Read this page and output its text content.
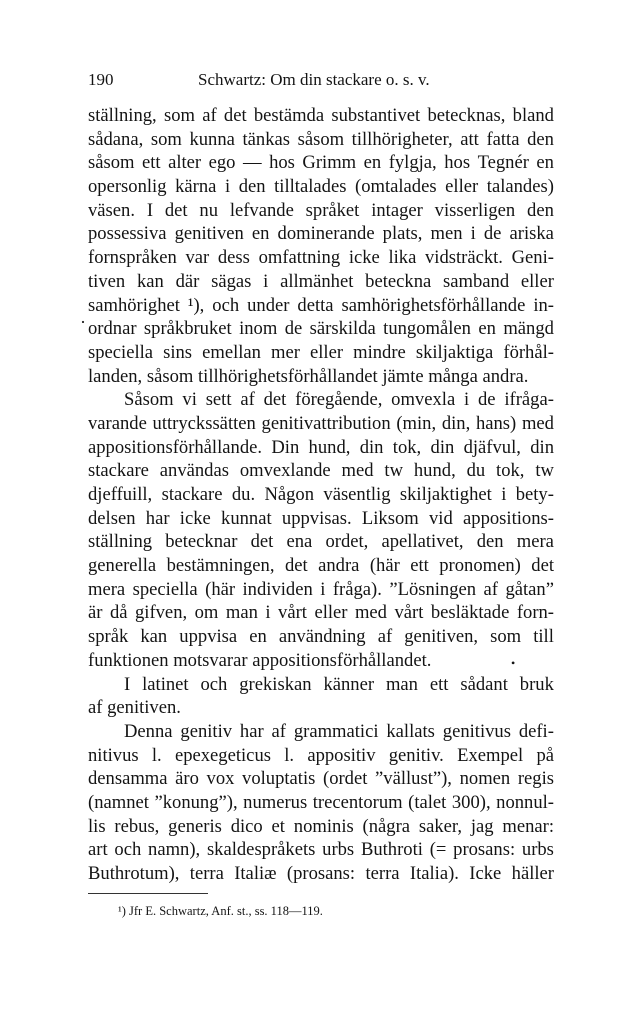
190	Schwartz: Om din stackare o. s. v.
ställning, som af det bestämda substantivet betecknas, bland
sådana, som kunna tänkas såsom tillhörigheter, att fatta den
såsom ett alter ego — hos Grimm en fylgja, hos Tegnér en
opersonlig kärna i den tilltalades (omtalades eller talandes)
väsen. I det nu lefvande språket intager visserligen den
possessiva genitiven en dominerande plats, men i de ariska
fornspråken var dess omfattning icke lika vidsträckt. Geni-
tiven kan där sägas i allmänhet beteckna samband eller
samhörighet ¹), och under detta samhörighetsförhållande in-
ordnar språkbruket inom de särskilda tungomålen en mängd
speciella sins emellan mer eller mindre skiljaktiga förhål-
landen, såsom tillhörighetsförhållandet jämte många andra.
Såsom vi sett af det föregående, omvexla i de ifråga-
varande uttryckssätten genitivattribution (min, din, hans) med
appositionsförhållande. Din hund, din tok, din djäfvul, din
stackare användas omvexlande med tw hund, du tok, tw
djeffuill, stackare du. Någon väsentlig skiljaktighet i bety-
delsen har icke kunnat uppvisas. Liksom vid appositions-
ställning betecknar det ena ordet, apellativet, den mera
generella bestämningen, det andra (här ett pronomen) det
mera speciella (här individen i fråga). ”Lösningen af gåtan”
är då gifven, om man i vårt eller med vårt besläktade forn-
språk kan uppvisa en användning af genitiven, som till
funktionen motsvarar appositionsförhållandet.
I latinet och grekiskan känner man ett sådant bruk
af genitiven.
Denna genitiv har af grammatici kallats genitivus defi-
nitivus l. epexegeticus l. appositiv genitiv. Exempel på
densamma äro vox voluptatis (ordet ”vällust”), nomen regis
(namnet ”konung”), numerus trecentorum (talet 300), nonnul-
lis rebus, generis dico et nominis (några saker, jag menar:
art och namn), skaldespråkets urbs Buthroti (= prosans: urbs
Buthrotum), terra Italiæ (prosans: terra Italia). Icke häller
·
•
¹) Jfr E. Schwartz, Anf. st., ss. 118—119.
